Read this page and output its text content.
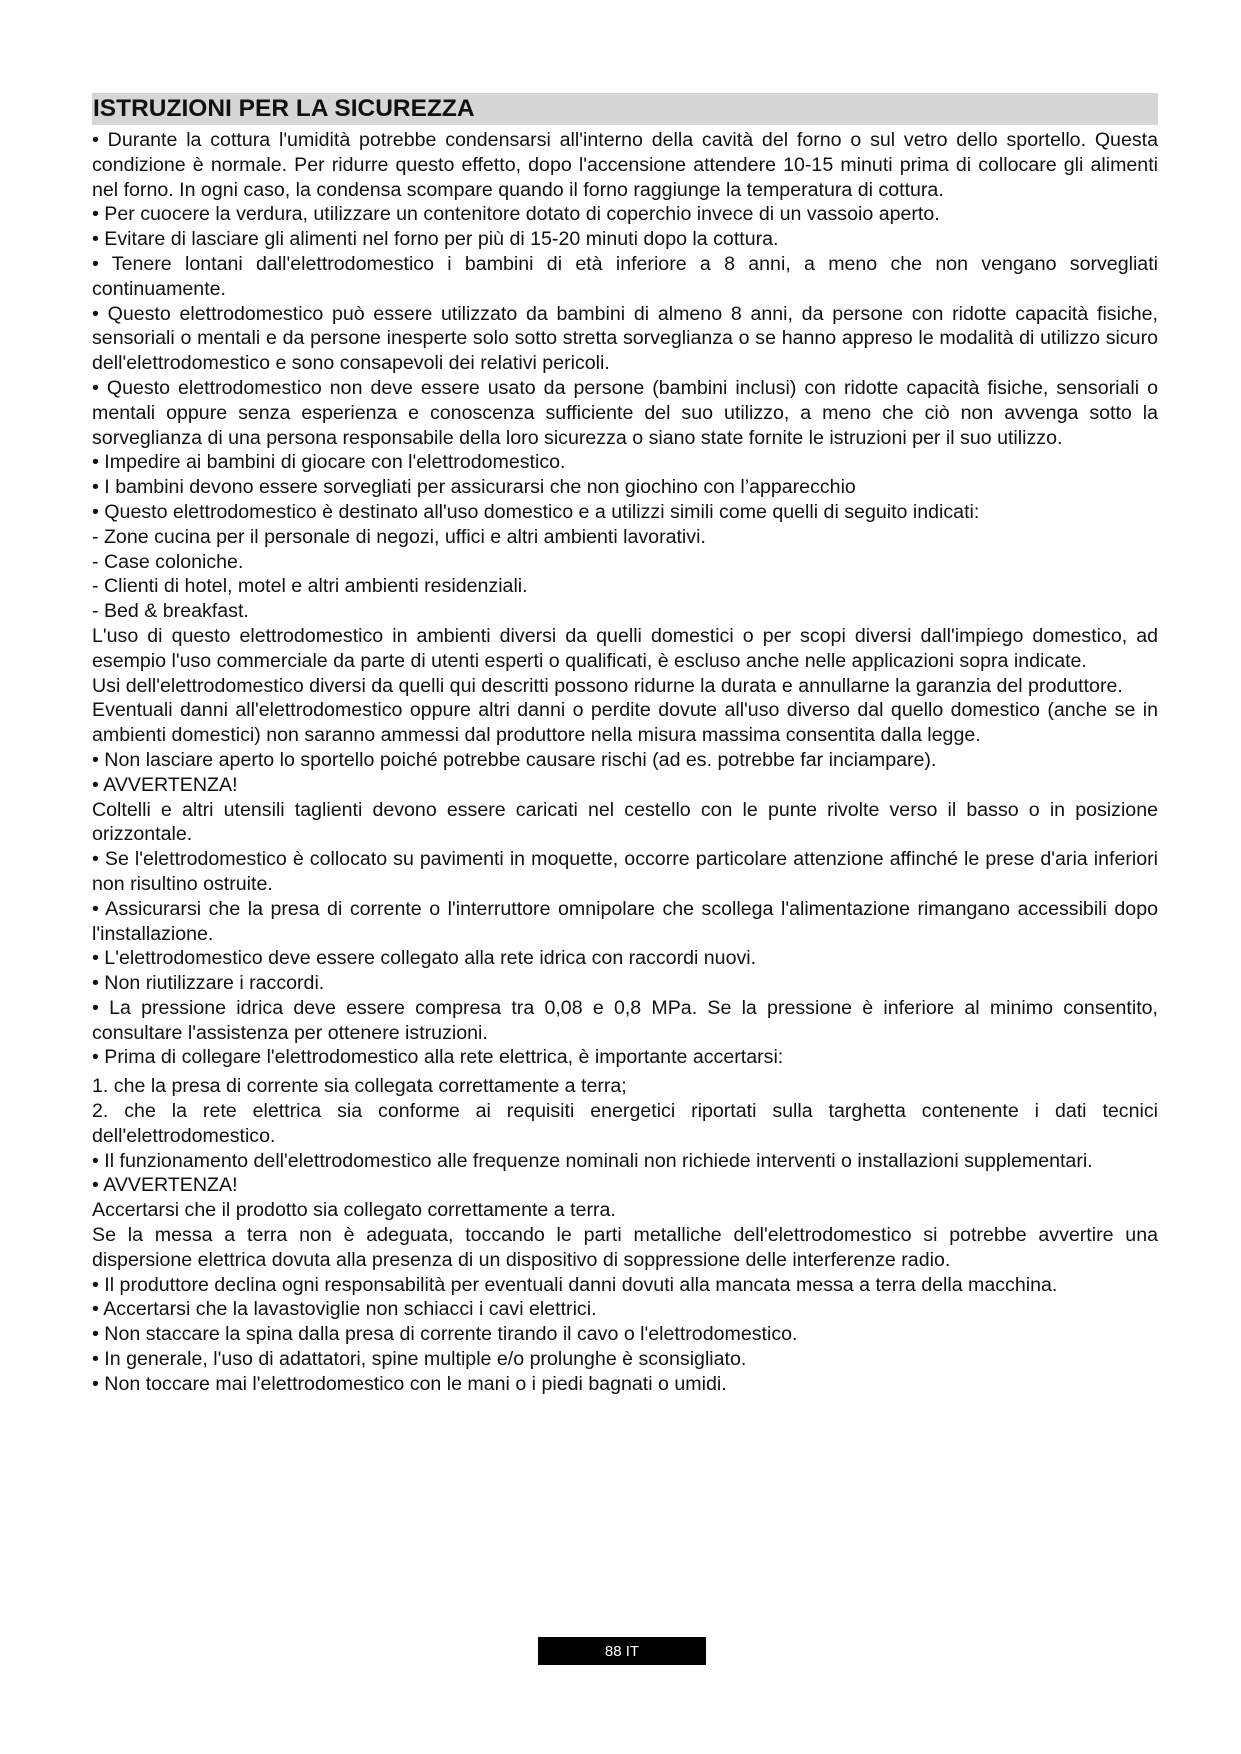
ISTRUZIONI PER LA SICUREZZA

• Durante la cottura l'umidità potrebbe condensarsi all'interno della cavità del forno o sul vetro dello sportello. Questa condizione è normale. Per ridurre questo effetto, dopo l'accensione attendere 10-15 minuti prima di collocare gli alimenti nel forno. In ogni caso, la condensa scompare quando il forno raggiunge la temperatura di cottura.

• Per cuocere la verdura, utilizzare un contenitore dotato di coperchio invece di un vassoio aperto.

• Evitare di lasciare gli alimenti nel forno per più di 15-20 minuti dopo la cottura.

• Tenere lontani dall'elettrodomestico i bambini di età inferiore a 8 anni, a meno che non vengano sorvegliati continuamente.

• Questo elettrodomestico può essere utilizzato da bambini di almeno 8 anni, da persone con ridotte capacità fisiche, sensoriali o mentali e da persone inesperte solo sotto stretta sorveglianza o se hanno appreso le modalità di utilizzo sicuro dell'elettrodomestico e sono consapevoli dei relativi pericoli.

• Questo elettrodomestico non deve essere usato da persone (bambini inclusi) con ridotte capacità fisiche, sensoriali o mentali oppure senza esperienza e conoscenza sufficiente del suo utilizzo, a meno che ciò non avvenga sotto la sorveglianza di una persona responsabile della loro sicurezza o siano state fornite le istruzioni per il suo utilizzo.

• Impedire ai bambini di giocare con l'elettrodomestico.

• I bambini devono essere sorvegliati per assicurarsi che non giochino con l’apparecchio

• Questo elettrodomestico è destinato all'uso domestico e a utilizzi simili come quelli di seguito indicati:

- Zone cucina per il personale di negozi, uffici e altri ambienti lavorativi.

- Case coloniche.

- Clienti di hotel, motel e altri ambienti residenziali.

- Bed & breakfast.

L'uso di questo elettrodomestico in ambienti diversi da quelli domestici o per scopi diversi dall'impiego domestico, ad esempio l'uso commerciale da parte di utenti esperti o qualificati, è escluso anche nelle applicazioni sopra indicate.

Usi dell'elettrodomestico diversi da quelli qui descritti possono ridurne la durata e annullarne la garanzia del produttore.

Eventuali danni all'elettrodomestico oppure altri danni o perdite dovute all'uso diverso dal quello domestico (anche se in ambienti domestici) non saranno ammessi dal produttore nella misura massima consentita dalla legge.

• Non lasciare aperto lo sportello poiché potrebbe causare rischi (ad es. potrebbe far inciampare).

• AVVERTENZA!

Coltelli e altri utensili taglienti devono essere caricati nel cestello con le punte rivolte verso il basso o in posizione orizzontale.

• Se l'elettrodomestico è collocato su pavimenti in moquette, occorre particolare attenzione affinché le prese d'aria inferiori non risultino ostruite.

• Assicurarsi che la presa di corrente o l'interruttore omnipolare che scollega l'alimentazione rimangano accessibili dopo l'installazione.

• L'elettrodomestico deve essere collegato alla rete idrica con raccordi nuovi.

• Non riutilizzare i raccordi.

• La pressione idrica deve essere compresa tra 0,08 e 0,8 MPa. Se la pressione è inferiore al minimo consentito, consultare l'assistenza per ottenere istruzioni.

• Prima di collegare l'elettrodomestico alla rete elettrica, è importante accertarsi:

1. che la presa di corrente sia collegata correttamente a terra;

2. che la rete elettrica sia conforme ai requisiti energetici riportati sulla targhetta contenente i dati tecnici dell'elettrodomestico.

• Il funzionamento dell'elettrodomestico alle frequenze nominali non richiede interventi o installazioni supplementari.

• AVVERTENZA!

Accertarsi che il prodotto sia collegato correttamente a terra.

Se la messa a terra non è adeguata, toccando le parti metalliche dell'elettrodomestico si potrebbe avvertire una dispersione elettrica dovuta alla presenza di un dispositivo di soppressione delle interferenze radio.

• Il produttore declina ogni responsabilità per eventuali danni dovuti alla mancata messa a terra della macchina.

• Accertarsi che la lavastoviglie non schiacci i cavi elettrici.

• Non staccare la spina dalla presa di corrente tirando il cavo o l'elettrodomestico.

• In generale, l'uso di adattatori, spine multiple e/o prolunghe è sconsigliato.

• Non toccare mai l'elettrodomestico con le mani o i piedi bagnati o umidi.

88 IT
